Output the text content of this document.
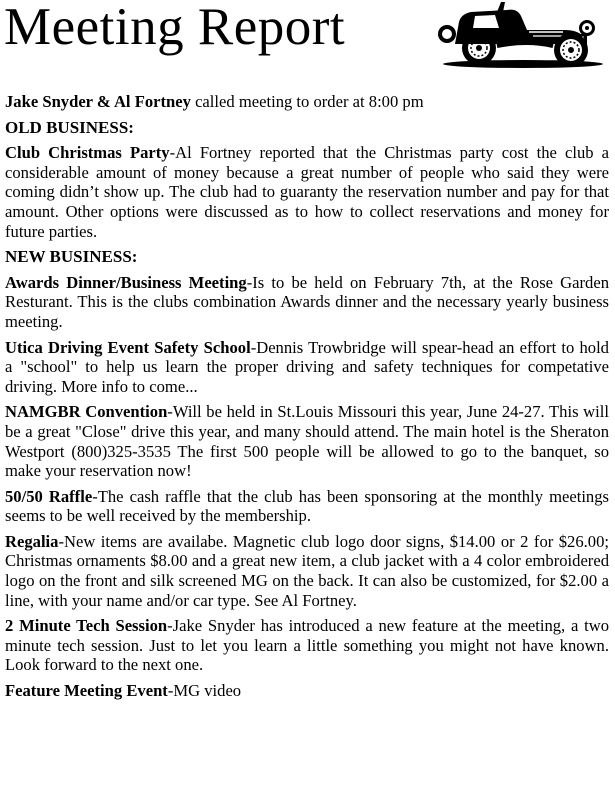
Meeting Report

Jake Snyder & Al Fortney called meeting to order at 8:00 pm

OLD BUSINESS:

Club Christmas Party-Al Fortney reported that the Christmas party cost the club a considerable amount of money because a great number of people who said they were coming didn’t show up. The club had to guaranty the reservation number and pay for that amount. Other options were discussed as to how to collect reservations and money for future parties.

NEW BUSINESS:

Awards Dinner/Business Meeting-Is to be held on February 7th, at the Rose Garden Resturant. This is the clubs combination Awards dinner and the necessary yearly business meeting.

Utica Driving Event Safety School-Dennis Trowbridge will spear-head an effort to hold a "school" to help us learn the proper driving and safety techniques for competative driving. More info to come...

NAMGBR Convention-Will be held in St.Louis Missouri this year, June 24-27. This will be a great "Close" drive this year, and many should attend. The main hotel is the Sheraton Westport (800)325-3535 The first 500 people will be allowed to go to the banquet, so make your reservation now!

50/50 Raffle-The cash raffle that the club has been sponsoring at the monthly meetings seems to be well received by the membership.

Regalia-New items are availabe. Magnetic club logo door signs, $14.00 or 2 for $26.00; Christmas ornaments $8.00 and a great new item, a club jacket with a 4 color embroidered logo on the front and silk screened MG on the back. It can also be customized, for $2.00 a line, with your name and/or car type. See Al Fortney.

2 Minute Tech Session-Jake Snyder has introduced a new feature at the meeting, a two minute tech session. Just to let you learn a little something you might not have known. Look forward to the next one.

Feature Meeting Event-MG video
